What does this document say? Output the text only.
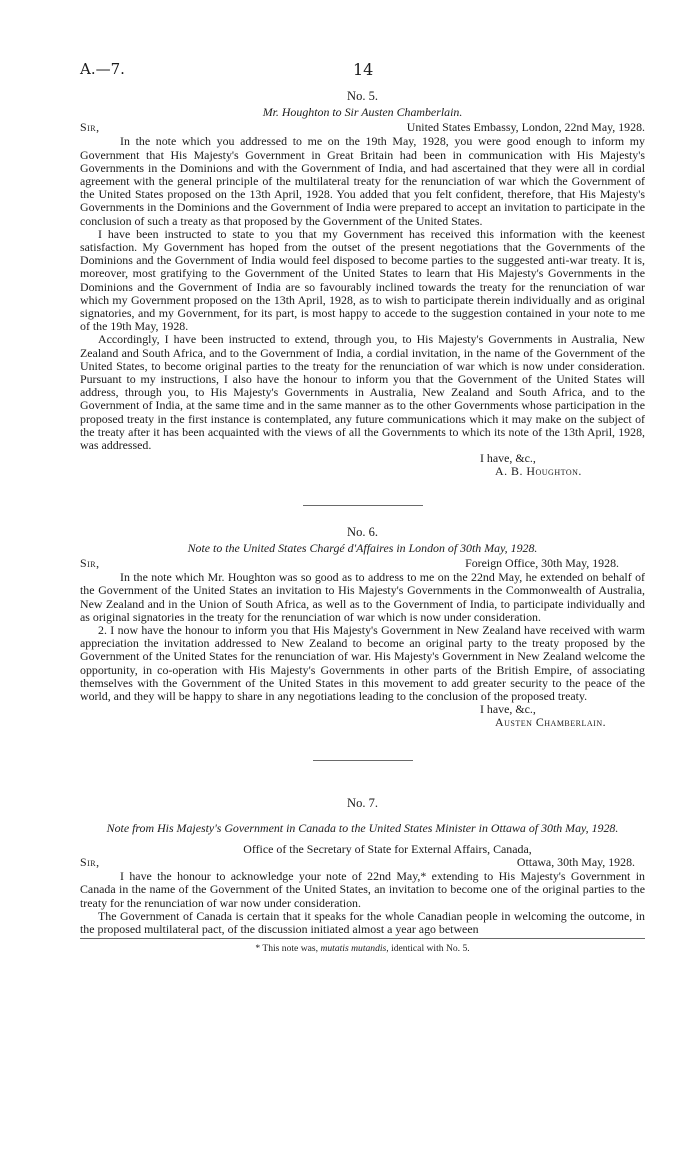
A.—7.	14

No. 5.

Mr. Houghton to Sir Austen Chamberlain.

Sir,	United States Embassy, London, 22nd May, 1928.

In the note which you addressed to me on the 19th May, 1928, you were good enough to inform my Government that His Majesty's Government in Great Britain had been in communication with His Majesty's Governments in the Dominions and with the Government of India, and had ascertained that they were all in cordial agreement with the general principle of the multilateral treaty for the renunciation of war which the Government of the United States proposed on the 13th April, 1928. You added that you felt confident, therefore, that His Majesty's Governments in the Dominions and the Government of India were prepared to accept an invitation to participate in the conclusion of such a treaty as that proposed by the Government of the United States.

I have been instructed to state to you that my Government has received this information with the keenest satisfaction. My Government has hoped from the outset of the present negotiations that the Governments of the Dominions and the Government of India would feel disposed to become parties to the suggested anti-war treaty. It is, moreover, most gratifying to the Government of the United States to learn that His Majesty's Governments in the Dominions and the Government of India are so favourably inclined towards the treaty for the renunciation of war which my Government proposed on the 13th April, 1928, as to wish to participate therein individually and as original signatories, and my Government, for its part, is most happy to accede to the suggestion contained in your note to me of the 19th May, 1928.

Accordingly, I have been instructed to extend, through you, to His Majesty's Governments in Australia, New Zealand and South Africa, and to the Government of India, a cordial invitation, in the name of the Government of the United States, to become original parties to the treaty for the renunciation of war which is now under consideration. Pursuant to my instructions, I also have the honour to inform you that the Government of the United States will address, through you, to His Majesty's Governments in Australia, New Zealand and South Africa, and to the Government of India, at the same time and in the same manner as to the other Governments whose participation in the proposed treaty in the first instance is contemplated, any future communications which it may make on the subject of the treaty after it has been acquainted with the views of all the Governments to which its note of the 13th April, 1928, was addressed.

I have, &c.,

A. B. Houghton.

No. 6.

Note to the United States Chargé d'Affaires in London of 30th May, 1928.

Sir,	Foreign Office, 30th May, 1928.

In the note which Mr. Houghton was so good as to address to me on the 22nd May, he extended on behalf of the Government of the United States an invitation to His Majesty's Governments in the Commonwealth of Australia, New Zealand and in the Union of South Africa, as well as to the Government of India, to participate individually and as original signatories in the treaty for the renunciation of war which is now under consideration.

2. I now have the honour to inform you that His Majesty's Government in New Zealand have received with warm appreciation the invitation addressed to New Zealand to become an original party to the treaty proposed by the Government of the United States for the renunciation of war. His Majesty's Government in New Zealand welcome the opportunity, in co-operation with His Majesty's Governments in other parts of the British Empire, of associating themselves with the Government of the United States in this movement to add greater security to the peace of the world, and they will be happy to share in any negotiations leading to the conclusion of the proposed treaty.

I have, &c.,

Austen Chamberlain.

No. 7.

Note from His Majesty's Government in Canada to the United States Minister in Ottawa of 30th May, 1928.

Office of the Secretary of State for External Affairs, Canada,

Sir,	Ottawa, 30th May, 1928.

I have the honour to acknowledge your note of 22nd May,* extending to His Majesty's Government in Canada in the name of the Government of the United States, an invitation to become one of the original parties to the treaty for the renunciation of war now under consideration.

The Government of Canada is certain that it speaks for the whole Canadian people in welcoming the outcome, in the proposed multilateral pact, of the discussion initiated almost a year ago between

* This note was, mutatis mutandis, identical with No. 5.
